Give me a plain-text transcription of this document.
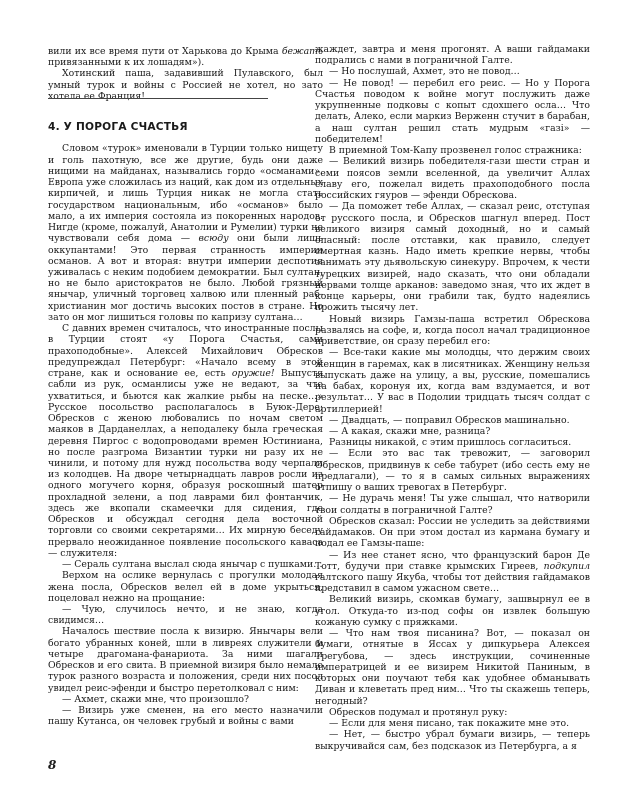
вили их все время пути от Харькова до Крыма бежать привязанными к их лошадям»).

Хотинский паша, задавивший Пулавского, был умный турок и войны с Россией не хотел, но зато хотела ее Франция!

4. У ПОРОГА СЧАСТЬЯ

Словом «турок» именовали в Турции только нищету и голь пахотную, все же другие, будь они даже нищими на майданах, назывались гордо «османами». Европа уже сложилась из наций, как дом из отдельных кирпичей, и лишь Турция никак не могла стать государством национальным, ибо «османов» было мало, а их империя состояла из покоренных народов. Нигде (кроме, пожалуй, Анатолии и Румелии) турки не чувствовали себя дома — всюду они были лишь оккупантами! Это первая странность империи османов. А вот и вторая: внутри империи деспотия уживалась с неким подобием демократии. Был султан, но не было аристократов не было. Любой грязный янычар, уличный торговец халвою или пленный раб-христианин мог достичь высоких постов в стране. Но зато он мог лишиться головы по капризу султана…

С давних времен считалось, что иностранные послы в Турции стоят «у Порога Счастья, сами прахоподобные». Алексей Михайлович Обресков предупреждал Петербург: «Начало всему в этой стране, как и основание ее, есть оружие! Выпустя сабли из рук, османлисы уже не ведают, за что ухватиться, и бьются как жалкие рыбы на песке…» Русское посольство располагалось в Буюк-Дере; Обресков с женою любовались по ночам светом маяков в Дарданеллах, а неподалеку была греческая деревня Пиргос с водопроводами времен Юстиниана, но после разгрома Византии турки ни разу их не чинили, и потому для нужд посольства воду черпали из колодцев. На дворе четырнадцать лавров росли из одного могучего корня, образуя роскошный шатер прохладной зелени, а под лаврами бил фонтанчик, здесь же вкопали скамеечки для сидения, где Обресков и обсуждал сегодня дела восточной торговли со своими секретарями… Их мирную беседу прервало неожиданное появление посольского каваса — служителя:

— Сераль султана выслал сюда янычар с пушками…

Верхом на ослике вернулась с прогулки молодая жена посла, Обресков велел ей в доме укрыться, поцеловал нежно на прощание:

— Чую, случилось нечто, и не знаю, когда свидимся…

Началось шествие посла к визирю. Янычары вели богато убранных коней, шли в ливреях служители и четыре драгомана-фанариота. За ними шагали Обресков и его свита. В приемной визиря было немало турок разного возраста и положения, среди них посол увидел реис-эфенди и быстро перетолковал с ним:

— Ахмет, скажи мне, что произошло?

— Визирь уже сменен, на его место назначили пашу Кутанса, он человек грубый и войны с вами

жаждет, завтра и меня прогонят. А ваши гайдамаки подрались с нами в пограничной Галте.

— Но послушай, Ахмет, это не повод…

— Не повод! — перебил его реис. — Но у Порога Счастья поводом к войне могут послужить даже укрупненные подковы с копыт сдохшего осла… Что делать, Алеко, если маркиз Верженн стучит в барабан, а наш султан решил стать мудрым «газі» — победителем!

В приемной Том-Капу прозвенел голос стражника:

— Великий визирь победителя-гази шести стран и семи поясов земли вселенной, да увеличит Аллах славу его, пожелал видеть прахоподобного посла российских гяуров — эфенди Обрескова.

— Да поможет тебе Аллах, — сказал реис, отступая от русского посла, и Обресков шагнул вперед. Пост великого визиря самый доходный, но и самый опасный: после отставки, как правило, следует смертная казнь. Надо иметь крепкие нервы, чтобы занимать эту дьявольскую синекуру. Впрочем, к чести турецких визирей, надо сказать, что они обладали нервами толще арканов: заведомо зная, что их ждет в конце карьеры, они грабили так, будто надеялись прожить тысячу лет.

Новый визирь Гамзы-паша встретил Обрескова развалясь на софе, и, когда посол начал традиционное приветствие, он сразу перебил его:

— Все-таки какие мы молодцы, что держим своих женщин в гаремах, как в лисятниках. Женщину нельзя выпускать даже на улицу, а вы, русские, помешались на бабах, коронуя их, когда вам вздумается, и вот результат… У вас в Подолии тридцать тысяч солдат с артиллерией!

— Двадцать, — поправил Обресков машинально.

— А какая, скажи мне, разница?

Разницы никакой, с этим пришлось согласиться.

— Если это вас так тревожит, — заговорил Обресков, придвинув к себе табурет (ибо сесть ему не предлагали), — то я в самых сильных выражениях отпишу о ваших тревогах в Петербург.

— Не дурачь меня! Ты уже слышал, что натворили твои солдаты в пограничной Галте?

Обресков сказал: России не уследить за действиями гайдамаков. Он при этом достал из кармана бумагу и подал ее Гамзы-паше:

— Из нее станет ясно, что французский барон Де Тотт, будучи при ставке крымских Гиреев, подкупил галтского пашу Якуба, чтобы тот действия гайдамаков представил в самом ужасном свете…

Великий визирь, скомкав бумагу, зашвырнул ее в угол. Откуда-то из-под софы он извлек большую кожаную сумку с пряжками.

— Что нам твоя писанина? Вот, — показал он бумаги, отнятые в Яссах у дипкурьера Алексея Трегубова, — здесь инструкции, сочиненные императрицей и ее визирем Никитой Паниным, в которых они поучают тебя как удобнее обманывать Диван и клеветать пред ним… Что ты скажешь теперь, негодный?

Обресков подумал и протянул руку:

— Если для меня писано, так покажите мне это.

— Нет, — быстро убрал бумаги визирь, — теперь выкручивайся сам, без подсказок из Петербурга, а я

8
